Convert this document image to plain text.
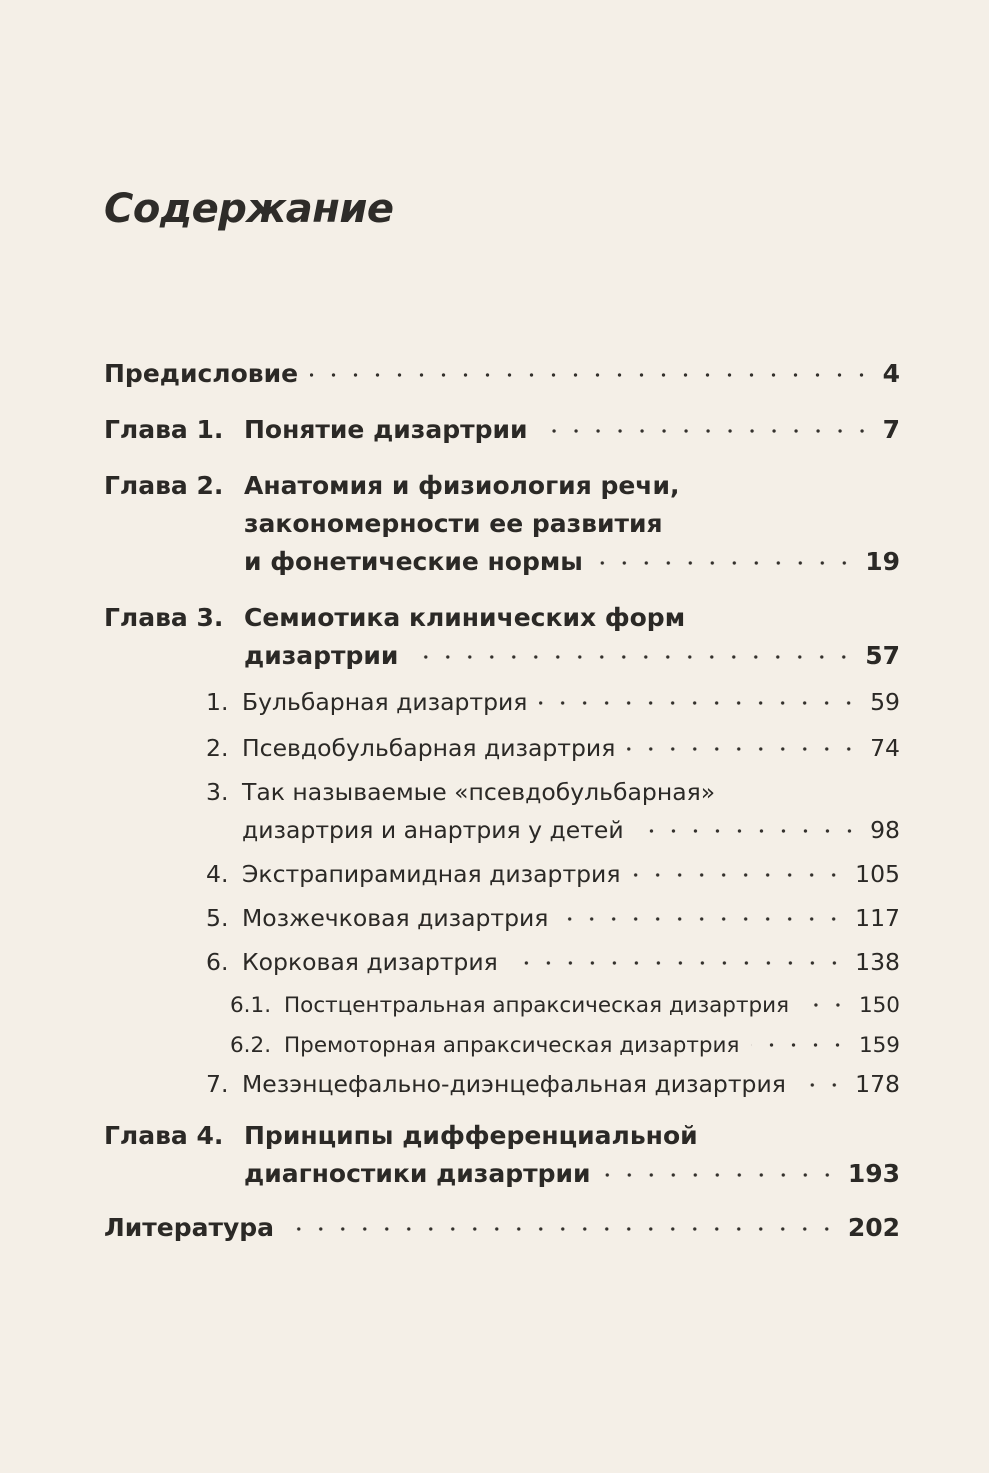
Содержание
Предисловие	4
Глава 1. Понятие дизартрии	7
Глава 2. Анатомия и физиология речи,
закономерности ее развития
и фонетические нормы	19
Глава 3. Семиотика клинических форм
дизартрии	57
1. Бульбарная дизартрия	59
2. Псевдобульбарная дизартрия	74
3. Так называемые «псевдобульбарная»
дизартрия и анартрия у детей	98
4. Экстрапирамидная дизартрия	105
5. Мозжечковая дизартрия	117
6. Корковая дизартрия	138
6.1. Постцентральная апраксическая дизартрия	150
6.2. Премоторная апраксическая дизартрия	159
7. Мезэнцефально-диэнцефальная дизартрия	178
Глава 4. Принципы дифференциальной
диагностики дизартрии	193
Литература	202
